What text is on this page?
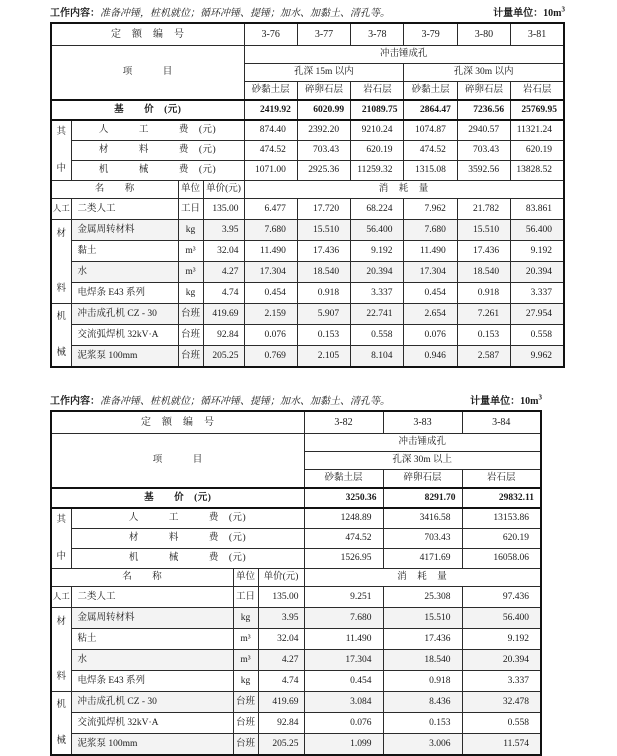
工作内容：准备冲锤，桩机就位；循环冲锤、提锤；加水、加黏土、清孔等。	计量单位：$10m^3$
定　额　编　号				3-76	3-77	3-78	3-79	3-80	3-81
项　　　目				冲击锤成孔					
				孔深 15m 以内			孔深 30m 以内		
				砂黏土层	碎卵石层	岩石层	砂黏土层	碎卵石层	岩石层
基　　价　(元)				2419.92	6020.99	21089.75	2864.47	7236.56	25769.95

其
中	人　　　工　　　费　(元)			874.40	2392.20	9210.24	1074.87	2940.57	11321.24
	材　　　料　　　费　(元)			474.52	703.43	620.19	474.52	703.43	620.19
	机　　　械　　　费　(元)			1071.00	2925.36	11259.32	1315.08	3592.56	13828.52
名　　称		单位	单价(元)	消　耗　量					
人工	二类人工	工日	135.00	6.477	17.720	68.224	7.962	21.782	83.861

材
料	金属周转材料	kg	3.95	7.680	15.510	56.400	7.680	15.510	56.400
	黏土	m³	32.04	11.490	17.436	9.192	11.490	17.436	9.192
	水	m³	4.27	17.304	18.540	20.394	17.304	18.540	20.394
	电焊条 E43 系列	kg	4.74	0.454	0.918	3.337	0.454	0.918	3.337

机
械	冲击成孔机 CZ - 30	台班	419.69	2.159	5.907	22.741	2.654	7.261	27.954
	交流弧焊机 32kV·A	台班	92.84	0.076	0.153	0.558	0.076	0.153	0.558
	泥浆泵 100mm	台班	205.25	0.769	2.105	8.104	0.946	2.587	9.962
工作内容：准备冲锤、桩机就位；循环冲锤、提锤；加水、加黏土、清孔等。	计量单位：$10m^3$
定　额　编　号				3-82	3-83	3-84
项　　　目				冲击锤成孔		
				孔深 30m 以上		
				砂黏土层	碎卵石层	岩石层
基　　价　(元)				3250.36	8291.70	29832.11

其
中	人　　　工　　　费　(元)			1248.89	3416.58	13153.86
	材　　　料　　　费　(元)			474.52	703.43	620.19
	机　　　械　　　费　(元)			1526.95	4171.69	16058.06
名　　称		单位	单价(元)	消　耗　量		
人工	二类人工	工日	135.00	9.251	25.308	97.436

材
料	金属周转材料	kg	3.95	7.680	15.510	56.400
	粘土	m³	32.04	11.490	17.436	9.192
	水	m³	4.27	17.304	18.540	20.394
	电焊条 E43 系列	kg	4.74	0.454	0.918	3.337

机
械	冲击成孔机 CZ - 30	台班	419.69	3.084	8.436	32.478
	交流弧焊机 32kV·A	台班	92.84	0.076	0.153	0.558
	泥浆泵 100mm	台班	205.25	1.099	3.006	11.574
